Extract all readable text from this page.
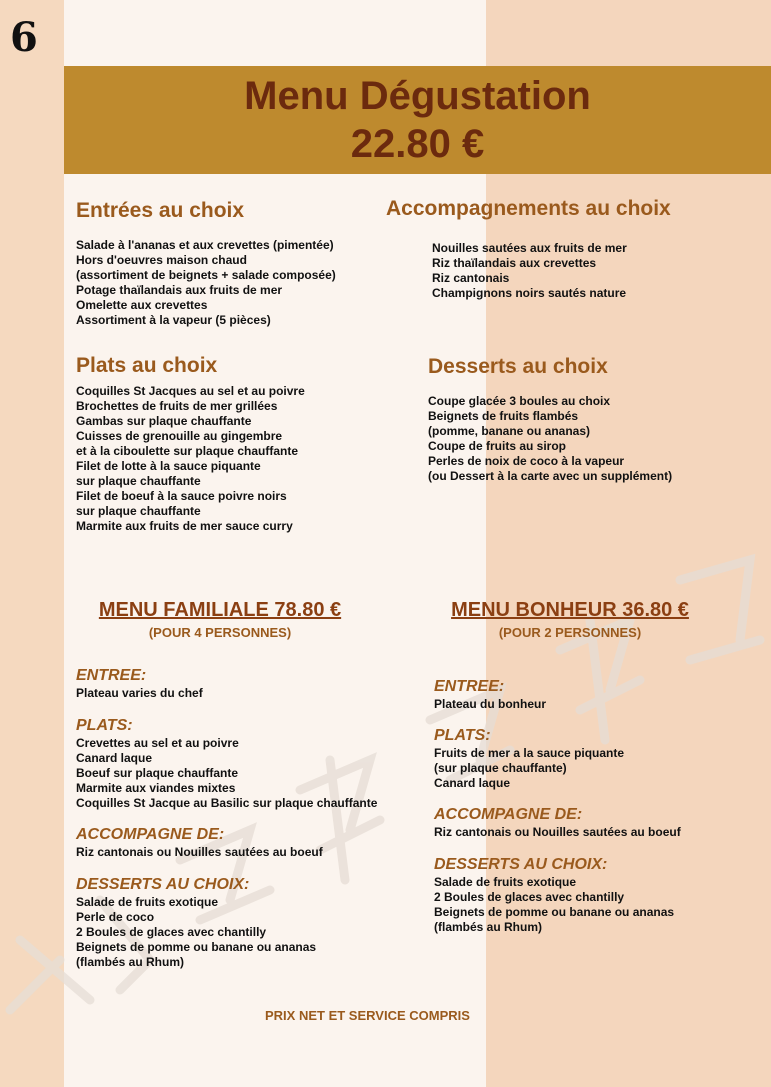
6
Menu Dégustation
22.80 €
Entrées au choix
Salade à l'ananas et aux crevettes (pimentée)
Hors d'oeuvres maison chaud
(assortiment de beignets + salade composée)
Potage thaïlandais aux fruits de mer
Omelette aux crevettes
Assortiment à la vapeur (5 pièces)
Accompagnements au choix
Nouilles sautées aux fruits de mer
Riz thaïlandais aux crevettes
Riz cantonais
Champignons noirs sautés nature
Plats au choix
Coquilles St Jacques au sel et au poivre
Brochettes de fruits de mer grillées
Gambas sur plaque chauffante
Cuisses de grenouille au gingembre
et à la ciboulette sur plaque chauffante
Filet de lotte à la sauce piquante
sur plaque chauffante
Filet de boeuf à la sauce poivre noirs
sur plaque chauffante
Marmite aux fruits de mer sauce curry
Desserts au choix
Coupe glacée 3 boules au choix
Beignets de fruits flambés
(pomme, banane ou ananas)
Coupe de fruits au sirop
Perles de noix de coco à la vapeur
(ou Dessert à la carte avec un supplément)
MENU FAMILIALE 78.80 €
(POUR 4 PERSONNES)
ENTREE:
Plateau varies du chef
PLATS:
Crevettes au sel et au poivre
Canard laque
Boeuf sur plaque chauffante
Marmite aux viandes mixtes
Coquilles St Jacque au Basilic sur plaque chauffante
ACCOMPAGNE DE:
Riz cantonais ou Nouilles sautées au boeuf
DESSERTS AU CHOIX:
Salade de fruits exotique
Perle de coco
2 Boules de glaces avec chantilly
Beignets de pomme ou banane ou ananas
(flambés au Rhum)
MENU BONHEUR 36.80 €
(POUR 2 PERSONNES)
ENTREE:
Plateau du bonheur
PLATS:
Fruits de mer a la sauce piquante
(sur plaque chauffante)
Canard laque
ACCOMPAGNE DE:
Riz cantonais ou Nouilles sautées au boeuf
DESSERTS AU CHOIX:
Salade de fruits exotique
2 Boules de glaces avec chantilly
Beignets de pomme ou banane ou ananas
(flambés au Rhum)
PRIX NET ET SERVICE COMPRIS
